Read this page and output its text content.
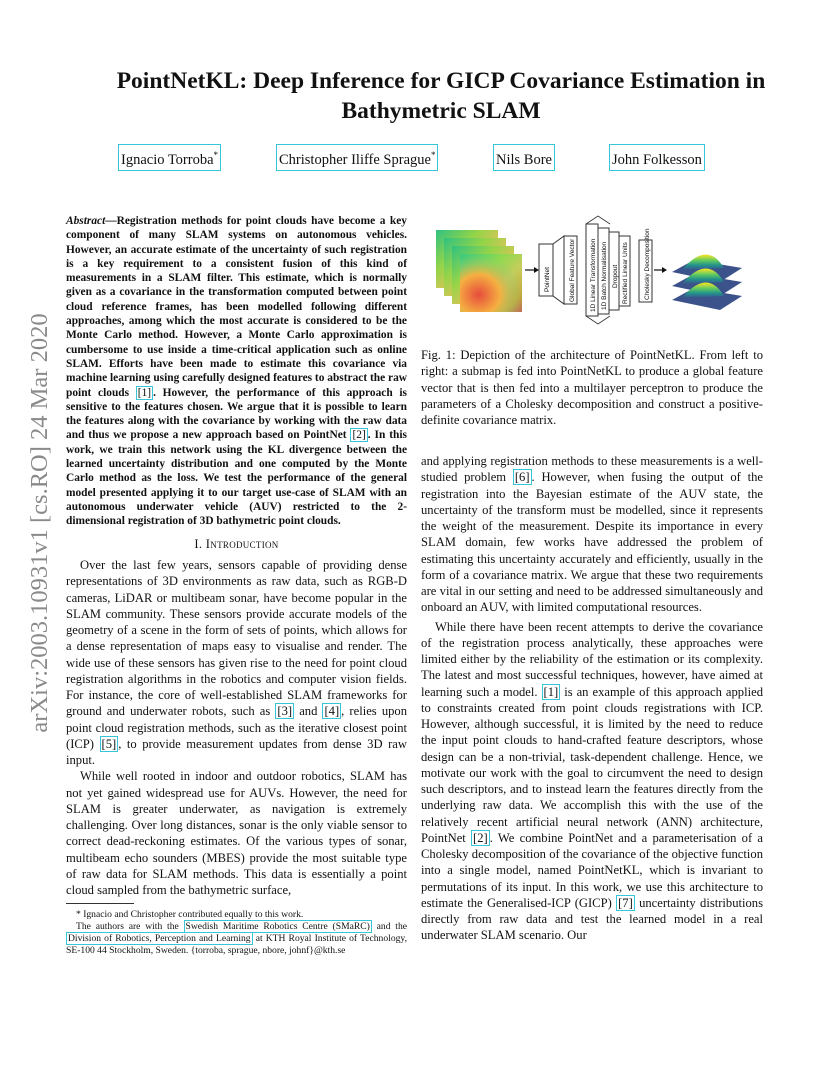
arXiv:2003.10931v1 [cs.RO] 24 Mar 2020
PointNetKL: Deep Inference for GICP Covariance Estimation in Bathymetric SLAM
Ignacio Torroba*	Christopher Iliffe Sprague*	Nils Bore	John Folkesson
Abstract—Registration methods for point clouds have become a key component of many SLAM systems on autonomous vehicles. However, an accurate estimate of the uncertainty of such registration is a key requirement to a consistent fusion of this kind of measurements in a SLAM filter. This estimate, which is normally given as a covariance in the transformation computed between point cloud reference frames, has been modelled following different approaches, among which the most accurate is considered to be the Monte Carlo method. However, a Monte Carlo approximation is cumbersome to use inside a time-critical application such as online SLAM. Efforts have been made to estimate this covariance via machine learning using carefully designed features to abstract the raw point clouds [1] . However, the performance of this approach is sensitive to the features chosen. We argue that it is possible to learn the features along with the covariance by working with the raw data and thus we propose a new approach based on PointNet [2] . In this work, we train this network using the KL divergence between the learned uncertainty distribution and one computed by the Monte Carlo method as the loss. We test the performance of the general model presented applying it to our target use-case of SLAM with an autonomous underwater vehicle (AUV) restricted to the 2-dimensional registration of 3D bathymetric point clouds.
I. Introduction

Over the last few years, sensors capable of providing dense representations of 3D environments as raw data, such as RGB-D cameras, LiDAR or multibeam sonar, have become popular in the SLAM community. These sensors provide accurate models of the geometry of a scene in the form of sets of points, which allows for a dense representation of maps easy to visualise and render. The wide use of these sensors has given rise to the need for point cloud registration algorithms in the robotics and computer vision fields. For instance, the core of well-established SLAM frameworks for ground and underwater robots, such as [3] and [4] , relies upon point cloud registration methods, such as the iterative closest point (ICP) [5] , to provide measurement updates from dense 3D raw input.

While well rooted in indoor and outdoor robotics, SLAM has not yet gained widespread use for AUVs. However, the need for SLAM is greater underwater, as navigation is extremely challenging. Over long distances, sonar is the only viable sensor to correct dead-reckoning estimates. Of the various types of sonar, multibeam echo sounders (MBES) provide the most suitable type of raw data for SLAM methods. This data is essentially a point cloud sampled from the bathymetric surface,

* Ignacio and Christopher contributed equally to this work.

The authors are with the Swedish Maritime Robotics Centre (SMaRC) and the Division of Robotics, Perception and Learning at KTH Royal Institute of Technology, SE-100 44 Stockholm, Sweden. {torroba, sprague, nbore, johnf}@kth.se

PointNet	Global Feature Vector 1D Linear Transformation 1D Batch Normalisation Dropout Rectified Linear Units Cholesky Decomposition
Fig. 1: Depiction of the architecture of PointNetKL. From left to right: a submap is fed into PointNetKL to produce a global feature vector that is then fed into a multilayer perceptron to produce the parameters of a Cholesky decomposition and construct a positive-definite covariance matrix.

and applying registration methods to these measurements is a well-studied problem [6] . However, when fusing the output of the registration into the Bayesian estimate of the AUV state, the uncertainty of the transform must be modelled, since it represents the weight of the measurement. Despite its importance in every SLAM domain, few works have addressed the problem of estimating this uncertainty accurately and efficiently, usually in the form of a covariance matrix. We argue that these two requirements are vital in our setting and need to be addressed simultaneously and onboard an AUV, with limited computational resources.

While there have been recent attempts to derive the covariance of the registration process analytically, these approaches were limited either by the reliability of the estimation or its complexity. The latest and most successful techniques, however, have aimed at learning such a model. [1] is an example of this approach applied to constraints created from point clouds registrations with ICP. However, although successful, it is limited by the need to reduce the input point clouds to hand-crafted feature descriptors, whose design can be a non-trivial, task-dependent challenge. Hence, we motivate our work with the goal to circumvent the need to design such descriptors, and to instead learn the features directly from the underlying raw data. We accomplish this with the use of the relatively recent artificial neural network (ANN) architecture, PointNet [2] . We combine PointNet and a parameterisation of a Cholesky decomposition of the covariance of the objective function into a single model, named PointNetKL, which is invariant to permutations of its input. In this work, we use this architecture to estimate the Generalised-ICP (GICP) [7] uncertainty distributions directly from raw data and test the learned model in a real underwater SLAM scenario. Our
